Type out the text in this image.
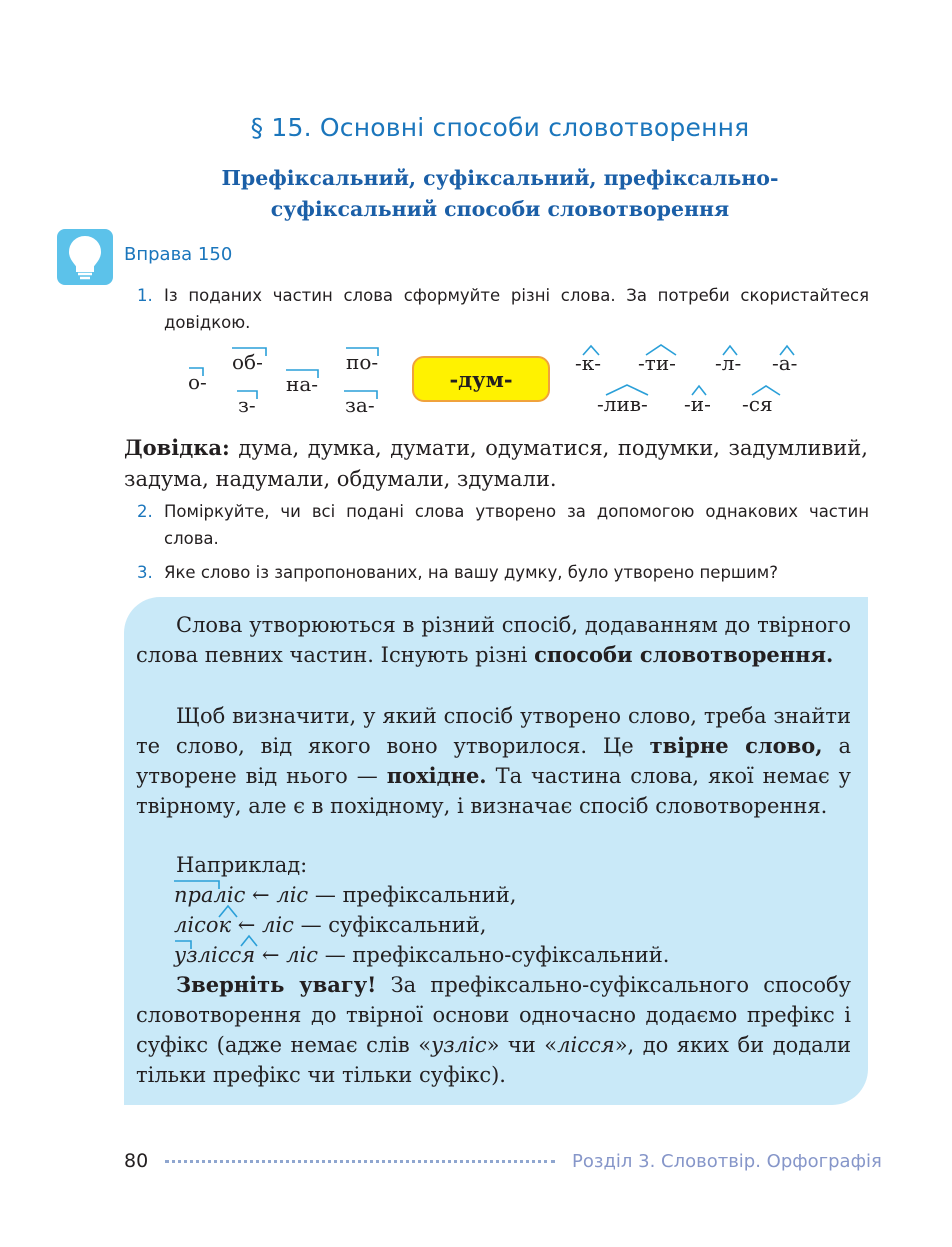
§ 15. Основні способи словотворення
Префіксальний, суфіксальний, префіксально-
суфіксальний способи словотворення
Вправа 150
1. Із поданих частин слова сформуйте різні слова. За потреби скористайтеся довідкою.
о-
об-
з-
на-
по-
за-
-дум-
-к- -ти- -л- -а-
-лив- -и- -ся
Довідка: дума, думка, думати, одуматися, подумки, задумливий, задума, надумали, обдумали, здумали.
2. Поміркуйте, чи всі подані слова утворено за допомогою однакових частин слова.
3. Яке слово із запропонованих, на вашу думку, було утворено першим?
Слова утворюються в різний спосіб, додаванням до твірного слова певних частин. Існують різні способи словотворення.
Щоб визначити, у який спосіб утворено слово, треба знайти те слово, від якого воно утворилося. Це твірне слово, а утворене від нього — похідне. Та частина слова, якої немає у твірному, але є в похідному, і визначає спосіб словотворення.
Наприклад:
праліс ← ліс — префіксальний,
лісок ← ліс — суфіксальний,
узлісся ← ліс — префіксально-суфіксальний.
Зверніть увагу! За префіксально-суфіксального способу словотворення до твірної основи одночасно додаємо префікс і суфікс (адже немає слів «узліс» чи «лісся», до яких би додали тільки префікс чи тільки суфікс).
80	Розділ 3. Словотвір. Орфографія
